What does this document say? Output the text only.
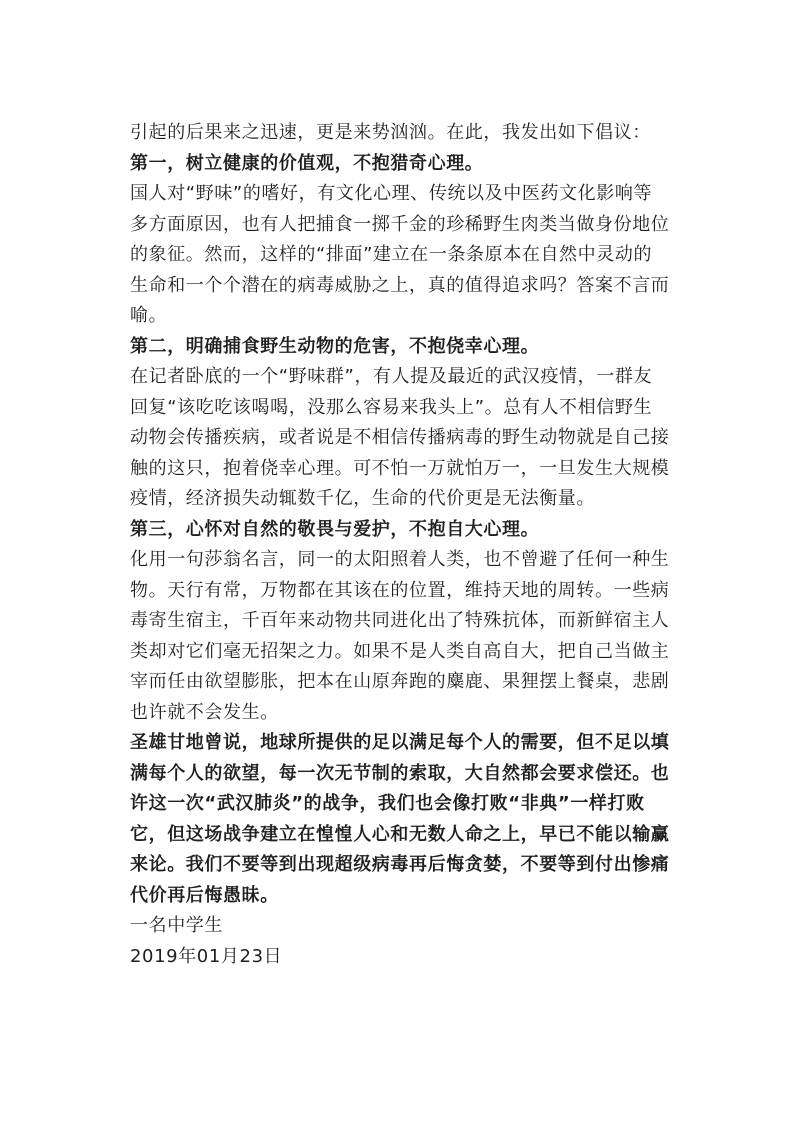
引起的后果来之迅速，更是来势汹汹。在此，我发出如下倡议：
第一，树立健康的价值观，不抱猎奇心理。
国人对“野味”的嗜好，有文化心理、传统以及中医药文化影响等
多方面原因，也有人把捕食一掷千金的珍稀野生肉类当做身份地位
的象征。然而，这样的“排面”建立在一条条原本在自然中灵动的
生命和一个个潜在的病毒威胁之上，真的值得追求吗？答案不言而
喻。
第二，明确捕食野生动物的危害，不抱侥幸心理。
在记者卧底的一个“野味群”，有人提及最近的武汉疫情，一群友
回复“该吃吃该喝喝，没那么容易来我头上”。总有人不相信野生
动物会传播疾病，或者说是不相信传播病毒的野生动物就是自己接
触的这只，抱着侥幸心理。可不怕一万就怕万一，一旦发生大规模
疫情，经济损失动辄数千亿，生命的代价更是无法衡量。
第三，心怀对自然的敬畏与爱护，不抱自大心理。
化用一句莎翁名言，同一的太阳照着人类，也不曾避了任何一种生
物。天行有常，万物都在其该在的位置，维持天地的周转。一些病
毒寄生宿主，千百年来动物共同进化出了特殊抗体，而新鲜宿主人
类却对它们毫无招架之力。如果不是人类自高自大，把自己当做主
宰而任由欲望膨胀，把本在山原奔跑的麋鹿、果狸摆上餐桌，悲剧
也许就不会发生。
圣雄甘地曾说，地球所提供的足以满足每个人的需要，但不足以填
满每个人的欲望，每一次无节制的索取，大自然都会要求偿还。也
许这一次“武汉肺炎”的战争，我们也会像打败“非典”一样打败
它，但这场战争建立在惶惶人心和无数人命之上，早已不能以输赢
来论。我们不要等到出现超级病毒再后悔贪婪，不要等到付出惨痛
代价再后悔愚昧。
一名中学生
2019年01月23日
